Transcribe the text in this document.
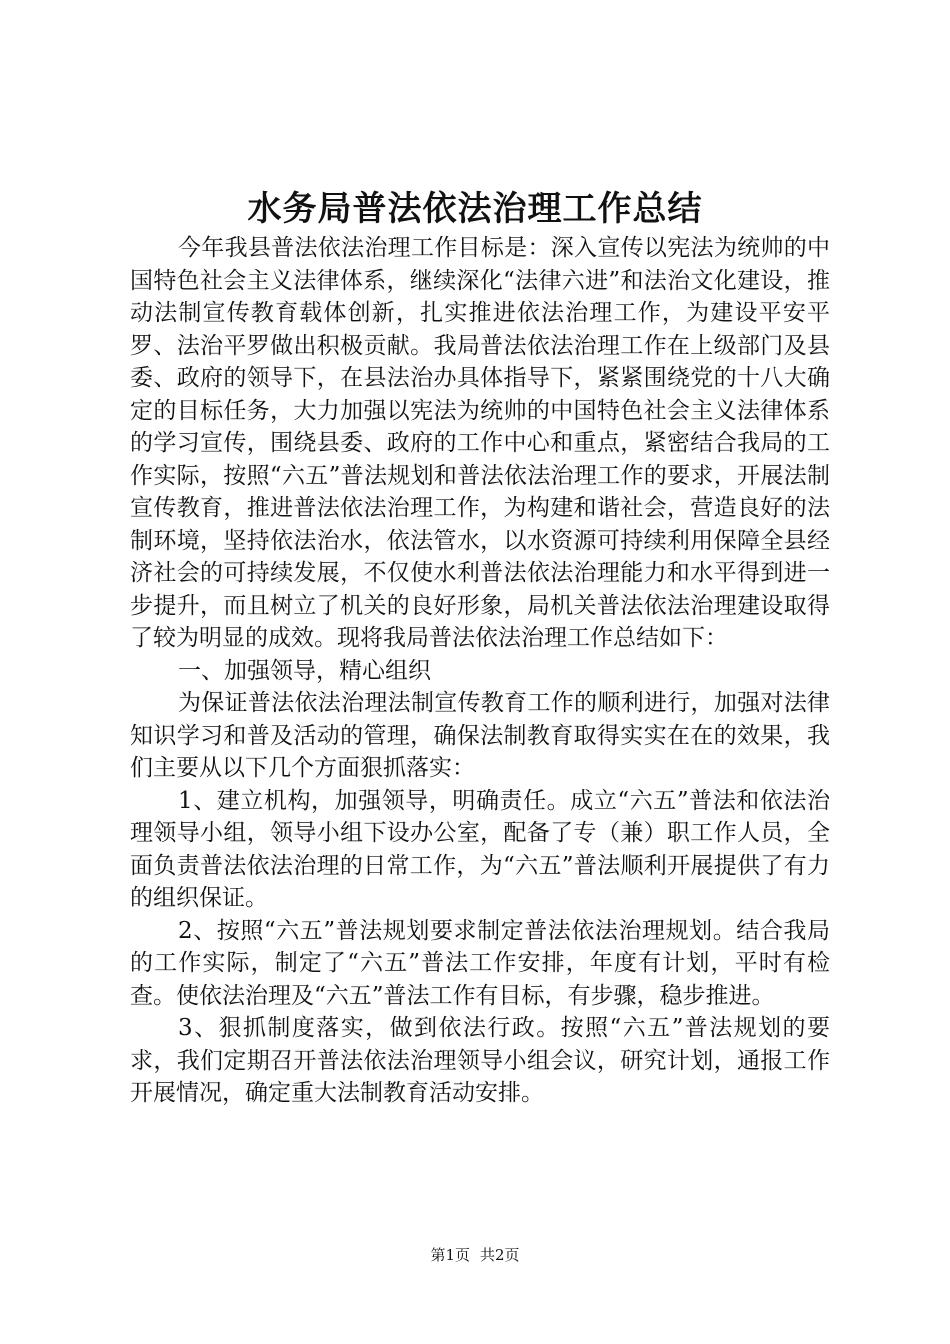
水务局普法依法治理工作总结

今年我县普法依法治理工作目标是：深入宣传以宪法为统帅的中国特色社会主义法律体系，继续深化“法律六进”和法治文化建设，推动法制宣传教育载体创新，扎实推进依法治理工作，为建设平安平罗、法治平罗做出积极贡献。我局普法依法治理工作在上级部门及县委、政府的领导下，在县法治办具体指导下，紧紧围绕党的十八大确定的目标任务，大力加强以宪法为统帅的中国特色社会主义法律体系的学习宣传，围绕县委、政府的工作中心和重点，紧密结合我局的工作实际，按照“六五”普法规划和普法依法治理工作的要求，开展法制宣传教育，推进普法依法治理工作，为构建和谐社会，营造良好的法制环境，坚持依法治水，依法管水，以水资源可持续利用保障全县经济社会的可持续发展，不仅使水利普法依法治理能力和水平得到进一步提升，而且树立了机关的良好形象，局机关普法依法治理建设取得了较为明显的成效。现将我局普法依法治理工作总结如下：

一、加强领导，精心组织

为保证普法依法治理法制宣传教育工作的顺利进行，加强对法律知识学习和普及活动的管理，确保法制教育取得实实在在的效果，我们主要从以下几个方面狠抓落实：

1、建立机构，加强领导，明确责任。成立“六五”普法和依法治理领导小组，领导小组下设办公室，配备了专（兼）职工作人员，全面负责普法依法治理的日常工作，为“六五”普法顺利开展提供了有力的组织保证。

2、按照“六五”普法规划要求制定普法依法治理规划。结合我局的工作实际，制定了“六五”普法工作安排，年度有计划，平时有检查。使依法治理及“六五”普法工作有目标，有步骤，稳步推进。

3、狠抓制度落实，做到依法行政。按照“六五”普法规划的要求，我们定期召开普法依法治理领导小组会议，研究计划，通报工作开展情况，确定重大法制教育活动安排。

第1页 共2页
